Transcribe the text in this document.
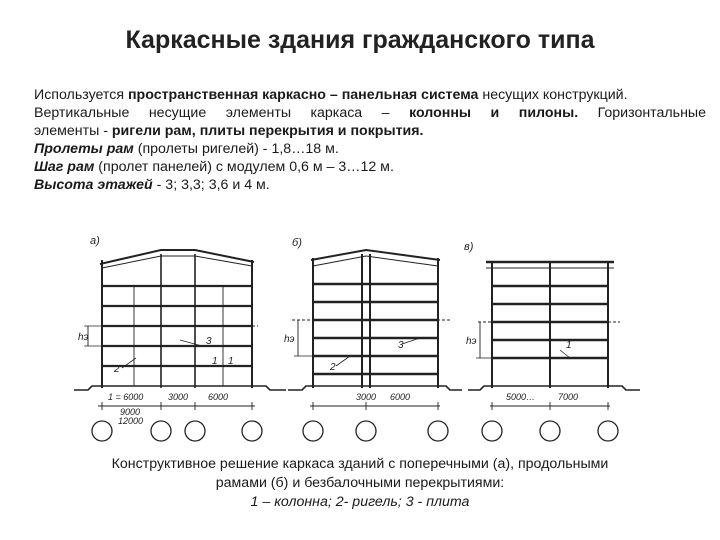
Каркасные здания гражданского типа

Используется пространственная каркасно – панельная система несущих конструкций.

Вертикальные несущие элементы каркаса – колонны и пилоны. Горизонтальные

элементы - ригели рам, плиты перекрытия и покрытия.

Пролеты рам (пролеты ригелей) - 1,8…18 м.

Шаг рам (пролет панелей) с модулем 0,6 м – 3…12 м.

Высота этажей - 3; 3,3; 3,6 и 4 м.

а)
hэ
2
3
1 1
1 = 6000	3000 6000
9000
12000
б)
hэ
2
3
3000 6000
в)
hэ	1
5000…	7000

Конструктивное решение каркаса зданий с поперечными (а), продольными

рамами (б) и безбалочными перекрытиями:

1 – колонна; 2- ригель; 3 - плита
